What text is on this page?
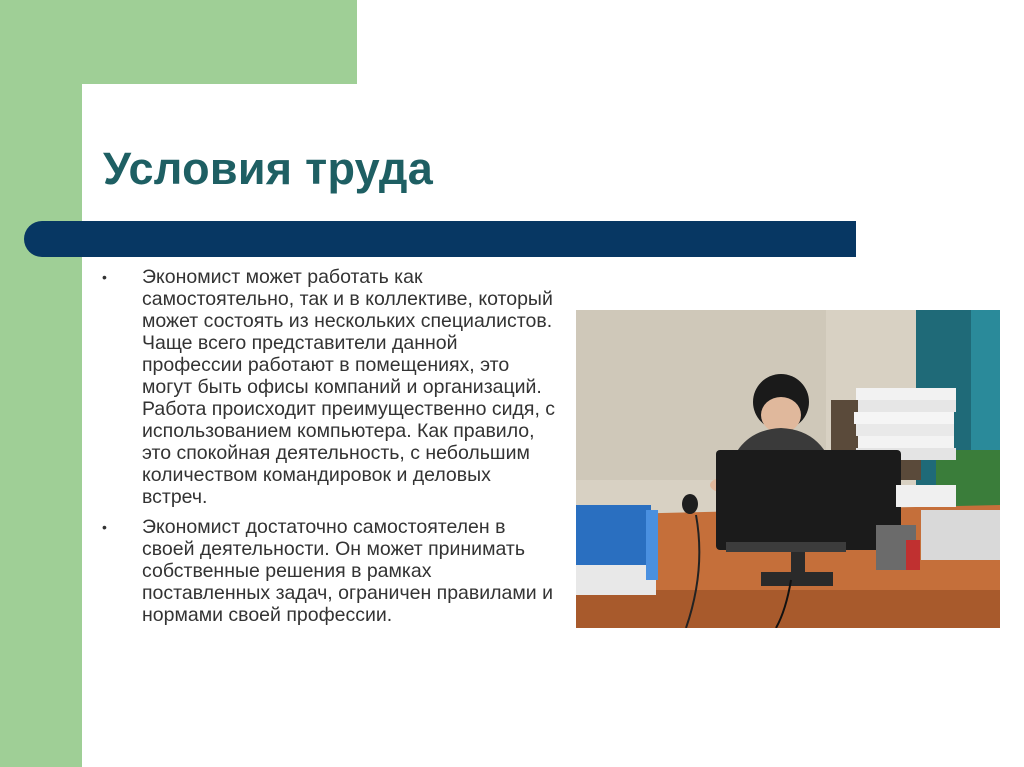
Условия труда
• Экономист может работать как самостоятельно, так и в коллективе, который может состоять из нескольких специалистов. Чаще всего представители данной профессии работают в помещениях, это могут быть офисы компаний и организаций. Работа происходит преимущественно сидя, с использованием компьютера. Как правило, это спокойная деятельность, с небольшим количеством командировок и деловых встреч.
• Экономист достаточно самостоятелен в своей деятельности. Он может принимать собственные решения в рамках поставленных задач, ограничен правилами и нормами своей профессии.
